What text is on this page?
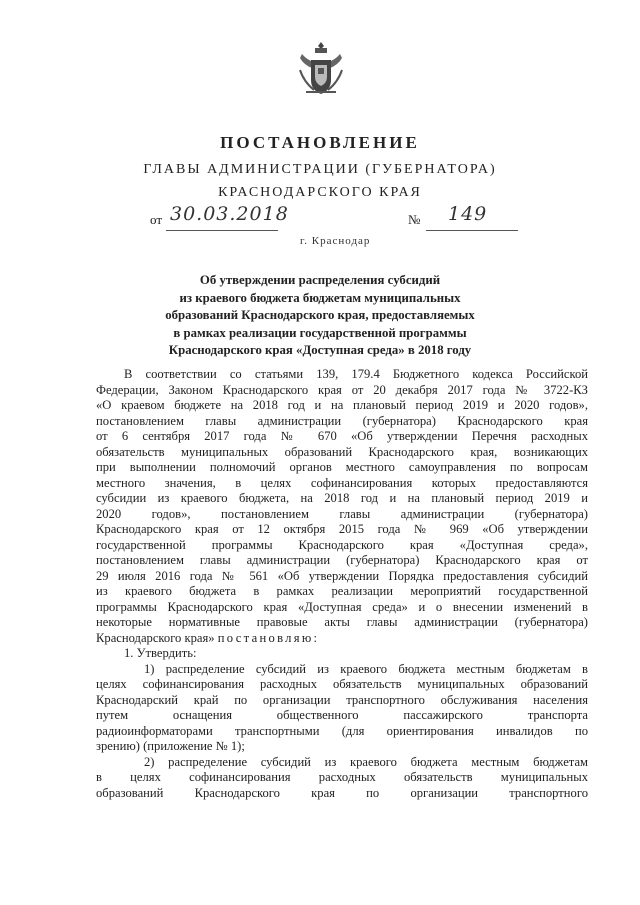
ПОСТАНОВЛЕНИЕ
ГЛАВЫ АДМИНИСТРАЦИИ (ГУБЕРНАТОРА)
КРАСНОДАРСКОГО КРАЯ
от 30.03.2018	№ 149
г. Краснодар
Об утверждении распределения субсидий
из краевого бюджета бюджетам муниципальных
образований Краснодарского края, предоставляемых
в рамках реализации государственной программы
Краснодарского края «Доступная среда» в 2018 году

В соответствии со статьями 139, 179.4 Бюджетного кодекса Российской

Федерации, Законом Краснодарского края от 20 декабря 2017 года № 3722-КЗ

«О краевом бюджете на 2018 год и на плановый период 2019 и 2020 годов»,

постановлением главы администрации (губернатора) Краснодарского края

от 6 сентября 2017 года № 670 «Об утверждении Перечня расходных

обязательств муниципальных образований Краснодарского края, возникающих

при выполнении полномочий органов местного самоуправления по вопросам

местного значения, в целях софинансирования которых предоставляются

субсидии из краевого бюджета, на 2018 год и на плановый период 2019 и

2020 годов», постановлением главы администрации (губернатора)

Краснодарского края от 12 октября 2015 года № 969 «Об утверждении

государственной программы Краснодарского края «Доступная среда»,

постановлением главы администрации (губернатора) Краснодарского края от

29 июля 2016 года № 561 «Об утверждении Порядка предоставления субсидий

из краевого бюджета в рамках реализации мероприятий государственной

программы Краснодарского края «Доступная среда» и о внесении изменений в

некоторые нормативные правовые акты главы администрации (губернатора)

Краснодарского края» постановляю:

1. Утвердить:

1) распределение субсидий из краевого бюджета местным бюджетам в

целях софинансирования расходных обязательств муниципальных образований

Краснодарский край по организации транспортного обслуживания населения

путем оснащения общественного пассажирского транспорта

радиоинформаторами транспортными (для ориентирования инвалидов по

зрению) (приложение № 1);

2) распределение субсидий из краевого бюджета местным бюджетам

в целях софинансирования расходных обязательств муниципальных

образований Краснодарского края по организации транспортного
